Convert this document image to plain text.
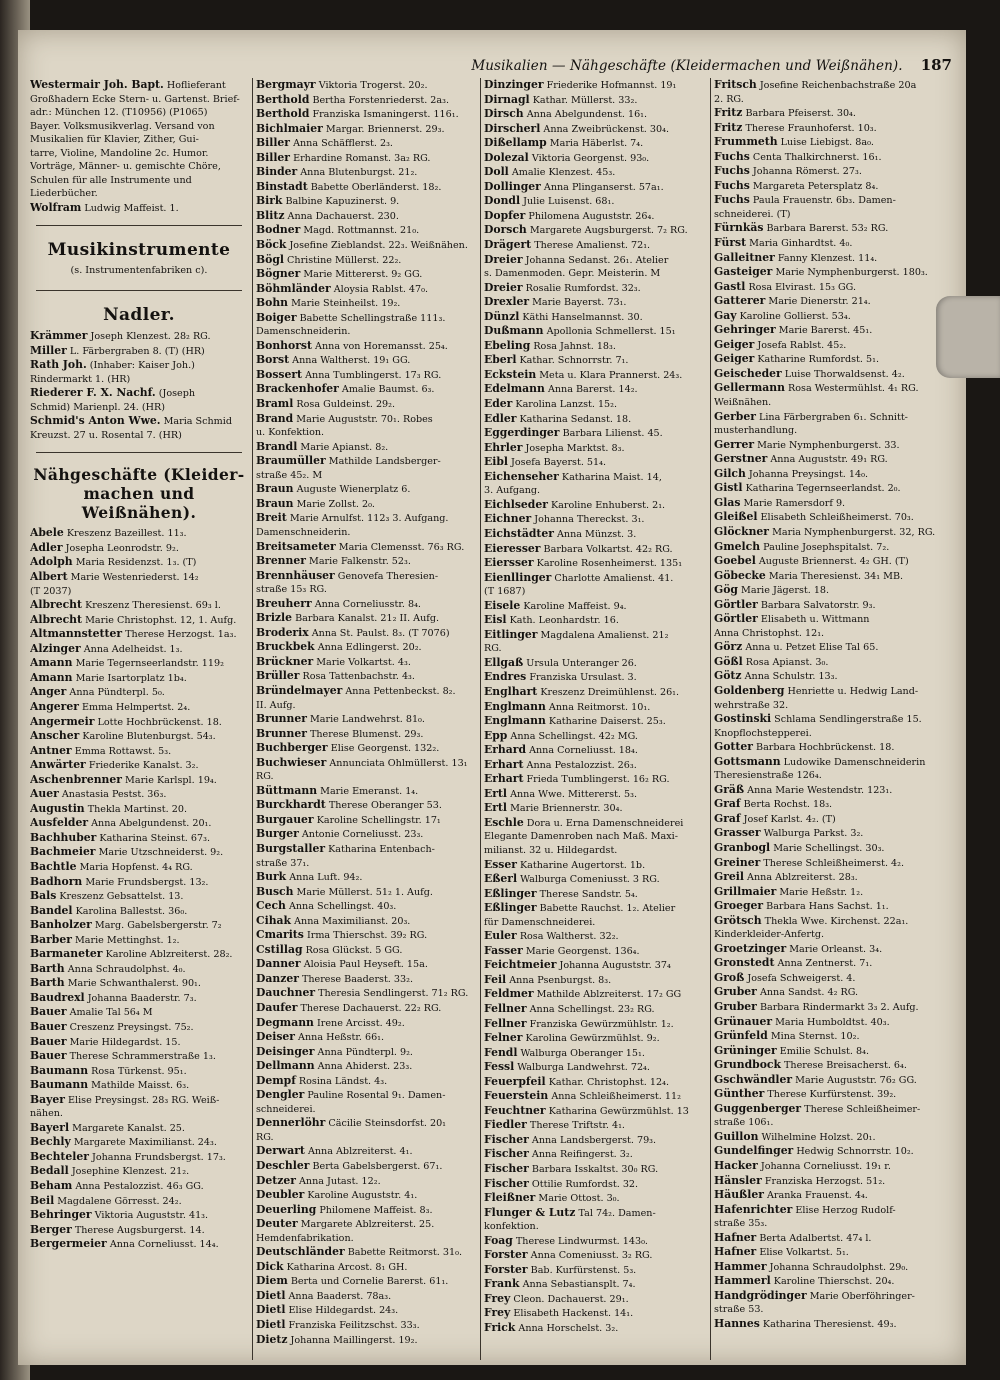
Musikalien — Nähgeschäfte (Kleidermachen und Weißnähen). 187
Westermair Joh. Bapt. Hoflieferant
Großhadern Ecke Stern- u. Gartenst. Brief-
adr.: München 12. (T10956) (P1065)
Bayer. Volksmusikverlag. Versand von
Musikalien für Klavier, Zither, Gui-
tarre, Violine, Mandoline 2c. Humor.
Vorträge, Männer- u. gemischte Chöre,
Schulen für alle Instrumente und
Liederbücher.
Wolfram Ludwig Maffeist. 1.
Musikinstrumente
(s. Instrumentenfabriken c).
Nadler.
Krämmer Joseph Klenzest. 28₂ RG.
Miller L. Färbergraben 8. (T) (HR)
Rath Joh. (Inhaber: Kaiser Joh.)
Rindermarkt 1. (HR)
Riederer F. X. Nachf. (Joseph
Schmid) Marienpl. 24. (HR)
Schmid's Anton Wwe. Maria Schmid
Kreuzst. 27 u. Rosental 7. (HR)
Nähgeschäfte (Kleider-
machen und Weißnähen).
Abele Kreszenz Bazeillest. 11₃.
Adler Josepha Leonrodstr. 9₂.
Adolph Maria Residenzst. 1₃. (T)
Albert Marie Westenriederst. 14₂
(T 2037)
Albrecht Kreszenz Theresienst. 69₃ l.
Albrecht Marie Christophst. 12, 1. Aufg.
Altmannstetter Therese Herzogst. 1a₃.
Alzinger Anna Adelheidst. 1₃.
Amann Marie Tegernseerlandstr. 119₂
Amann Marie Isartorplatz 1b₄.
Anger Anna Pündterpl. 5₀.
Angerer Emma Helmpertst. 2₄.
Angermeir Lotte Hochbrückenst. 18.
Anscher Karoline Blutenburgst. 54₃.
Antner Emma Rottawst. 5₃.
Anwärter Friederike Kanalst. 3₂.
Aschenbrenner Marie Karlspl. 19₄.
Auer Anastasia Pestst. 36₃.
Augustin Thekla Martinst. 20.
Ausfelder Anna Abelgundenst. 20₁.
Bachhuber Katharina Steinst. 67₃.
Bachmeier Marie Utzschneiderst. 9₂.
Bachtle Maria Hopfenst. 4₄ RG.
Badhorn Marie Frundsbergst. 13₂.
Bals Kreszenz Gebsattelst. 13.
Bandel Karolina Ballestst. 36₀.
Banholzer Marg. Gabelsbergerstr. 7₂
Barber Marie Mettinghst. 1₂.
Barmaneter Karoline Ablzreiterst. 28₂.
Barth Anna Schraudolphst. 4₀.
Barth Marie Schwanthalerst. 90₁.
Baudrexl Johanna Baaderstr. 7₃.
Bauer Amalie Tal 56₄ M
Bauer Creszenz Preysingst. 75₂.
Bauer Marie Hildegardst. 15.
Bauer Therese Schrammerstraße 1₃.
Baumann Rosa Türkenst. 95₁.
Baumann Mathilde Maisst. 6₃.
Bayer Elise Preysingst. 28₃ RG. Weiß-
nähen.
Bayerl Margarete Kanalst. 25.
Bechly Margarete Maximilianst. 24₃.
Bechteler Johanna Frundsbergst. 17₃.
Bedall Josephine Klenzest. 21₂.
Beham Anna Pestalozzist. 46₃ GG.
Beil Magdalene Görresst. 24₂.
Behringer Viktoria Auguststr. 41₃.
Berger Therese Augsburgerst. 14.
Bergermeier Anna Corneliusst. 14₄.
Bergmayr Viktoria Trogerst. 20₂.
Berthold Bertha Forstenriederst. 2a₃.
Berthold Franziska Ismaningerst. 116₁.
Bichlmaier Margar. Briennerst. 29₃.
Biller Anna Schäfflerst. 2₃.
Biller Erhardine Romanst. 3a₂ RG.
Binder Anna Blutenburgst. 21₂.
Binstadt Babette Oberländerst. 18₂.
Birk Balbine Kapuzinerst. 9.
Blitz Anna Dachauerst. 230.
Bodner Magd. Rottmannst. 21₀.
Böck Josefine Zieblandst. 22₃. Weißnähen.
Bögl Christine Müllerst. 22₂.
Bögner Marie Mittererst. 9₂ GG.
Böhmländer Aloysia Rablst. 47₀.
Bohn Marie Steinheilst. 19₂.
Boiger Babette Schellingstraße 111₃.
Damenschneiderin.
Bonhorst Anna von Horemansst. 25₄.
Borst Anna Waltherst. 19₁ GG.
Bossert Anna Tumblingerst. 17₃ RG.
Brackenhofer Amalie Baumst. 6₃.
Braml Rosa Guldeinst. 29₂.
Brand Marie Auguststr. 70₁. Robes
u. Konfektion.
Brandl Marie Apianst. 8₂.
Braumüller Mathilde Landsberger-
straße 45₂. M
Braun Auguste Wienerplatz 6.
Braun Marie Zollst. 2₀.
Breit Marie Arnulfst. 112₃ 3. Aufgang.
Damenschneiderin.
Breitsameter Maria Clemensst. 76₃ RG.
Brenner Marie Falkenstr. 52₃.
Brennhäuser Genovefa Theresien-
straße 15₃ RG.
Breuherr Anna Corneliusstr. 8₄.
Brizle Barbara Kanalst. 21₂ II. Aufg.
Broderix Anna St. Paulst. 8₃. (T 7076)
Bruckbek Anna Edlingerst. 20₂.
Brückner Marie Volkartst. 4₃.
Brüller Rosa Tattenbachstr. 4₃.
Bründelmayer Anna Pettenbeckst. 8₂.
II. Aufg.
Brunner Marie Landwehrst. 81₀.
Brunner Therese Blumenst. 29₃.
Buchberger Elise Georgenst. 132₂.
Buchwieser Annunciata Ohlmüllerst. 13₁
RG.
Büttmann Marie Emeranst. 1₄.
Burckhardt Therese Oberanger 53.
Burgauer Karoline Schellingstr. 17₁
Burger Antonie Corneliusst. 23₃.
Burgstaller Katharina Entenbach-
straße 37₁.
Burk Anna Luft. 94₂.
Busch Marie Müllerst. 51₂ 1. Aufg.
Cech Anna Schellingst. 40₃.
Cihak Anna Maximilianst. 20₃.
Cmarits Irma Thierschst. 39₂ RG.
Cstillag Rosa Glückst. 5 GG.
Danner Aloisia Paul Heyseft. 15a.
Danzer Therese Baaderst. 33₂.
Dauchner Theresia Sendlingerst. 71₂ RG.
Daufer Therese Dachauerst. 22₂ RG.
Degmann Irene Arcisst. 49₂.
Deiser Anna Heßstr. 66₁.
Deisinger Anna Pündterpl. 9₂.
Dellmann Anna Ahiderst. 23₃.
Dempf Rosina Ländst. 4₃.
Dengler Pauline Rosental 9₁. Damen-
schneiderei.
Dennerlöhr Cäcilie Steinsdorfst. 20₁
RG.
Derwart Anna Ablzreiterst. 4₁.
Deschler Berta Gabelsbergerst. 67₁.
Detzer Anna Jutast. 12₂.
Deubler Karoline Auguststr. 4₁.
Deuerling Philomene Maffeist. 8₃.
Deuter Margarete Ablzreiterst. 25.
Hemdenfabrikation.
Deutschländer Babette Reitmorst. 31₀.
Dick Katharina Arcost. 8₁ GH.
Diem Berta und Cornelie Barerst. 61₁.
Dietl Anna Baaderst. 78a₃.
Dietl Elise Hildegardst. 24₃.
Dietl Franziska Feilitzschst. 33₃.
Dietz Johanna Maillingerst. 19₂.
Dinzinger Friederike Hofmannst. 19₁
Dirnagl Kathar. Müllerst. 33₂.
Dirsch Anna Abelgundenst. 16₁.
Dirscherl Anna Zweibrückenst. 30₄.
Dißellamp Maria Häberlst. 7₄.
Dolezal Viktoria Georgenst. 93₀.
Doll Amalie Klenzest. 45₃.
Dollinger Anna Plinganserst. 57a₁.
Dondl Julie Luisenst. 68₁.
Dopfer Philomena Auguststr. 26₄.
Dorsch Margarete Augsburgerst. 7₂ RG.
Drägert Therese Amalienst. 72₁.
Dreier Johanna Sedanst. 26₁. Atelier
s. Damenmoden. Gepr. Meisterin. M
Dreier Rosalie Rumfordst. 32₃.
Drexler Marie Bayerst. 73₁.
Dünzl Käthi Hanselmannst. 30.
Dußmann Apollonia Schmellerst. 15₁
Ebeling Rosa Jahnst. 18₃.
Eberl Kathar. Schnorrstr. 7₁.
Eckstein Meta u. Klara Prannerst. 24₃.
Edelmann Anna Barerst. 14₂.
Eder Karolina Lanzst. 15₂.
Edler Katharina Sedanst. 18.
Eggerdinger Barbara Lilienst. 45.
Ehrler Josepha Marktst. 8₃.
Eibl Josefa Bayerst. 51₄.
Eichenseher Katharina Maist. 14,
3. Aufgang.
Eichlseder Karoline Enhuberst. 2₁.
Eichner Johanna Thereckst. 3₁.
Eichstädter Anna Münzst. 3.
Eieresser Barbara Volkartst. 42₂ RG.
Eiersser Karoline Rosenheimerst. 135₁
Eienllinger Charlotte Amalienst. 41.
(T 1687)
Eisele Karoline Maffeist. 9₄.
Eisl Kath. Leonhardstr. 16.
Eitlinger Magdalena Amalienst. 21₂
RG.
Ellgaß Ursula Unteranger 26.
Endres Franziska Ursulast. 3.
Englhart Kreszenz Dreimühlenst. 26₁.
Englmann Anna Reitmorst. 10₁.
Englmann Katharine Daiserst. 25₃.
Epp Anna Schellingst. 42₂ MG.
Erhard Anna Corneliusst. 18₄.
Erhart Anna Pestalozzist. 26₃.
Erhart Frieda Tumblingerst. 16₂ RG.
Ertl Anna Wwe. Mittererst. 5₃.
Ertl Marie Briennerstr. 30₄.
Eschle Dora u. Erna Damenschneiderei
Elegante Damenroben nach Maß. Maxi-
milianst. 32 u. Hildegardst.
Esser Katharine Augertorst. 1b.
Eßerl Walburga Comeniusst. 3 RG.
Eßlinger Therese Sandstr. 5₄.
Eßlinger Babette Rauchst. 1₂. Atelier
für Damenschneiderei.
Euler Rosa Waltherst. 32₂.
Fasser Marie Georgenst. 136₄.
Feichtmeier Johanna Auguststr. 37₄
Feil Anna Psenburgst. 8₃.
Feldmer Mathilde Ablzreiterst. 17₂ GG
Fellner Anna Schellingst. 23₂ RG.
Fellner Franziska Gewürzmühlstr. 1₂.
Felner Karolina Gewürzmühlst. 9₂.
Fendl Walburga Oberanger 15₁.
Fessl Walburga Landwehrst. 72₄.
Feuerpfeil Kathar. Christophst. 12₄.
Feuerstein Anna Schleißheimerst. 11₂
Feuchtner Katharina Gewürzmühlst. 13
Fiedler Therese Triftstr. 4₁.
Fischer Anna Landsbergerst. 79₃.
Fischer Anna Reifingerst. 3₂.
Fischer Barbara Isskaltst. 30₀ RG.
Fischer Ottilie Rumfordst. 32.
Fleißner Marie Ottost. 3₀.
Flunger & Lutz Tal 74₂. Damen-
konfektion.
Foag Therese Lindwurmst. 143₀.
Forster Anna Comeniusst. 3₂ RG.
Forster Bab. Kurfürstenst. 5₃.
Frank Anna Sebastiansplt. 7₄.
Frey Cleon. Dachauerst. 29₁.
Frey Elisabeth Hackenst. 14₁.
Frick Anna Horschelst. 3₂.
Fritsch Josefine Reichenbachstraße 20a
2. RG.
Fritz Barbara Pfeiserst. 30₄.
Fritz Therese Fraunhoferst. 10₃.
Frummeth Luise Liebigst. 8a₀.
Fuchs Centa Thalkirchnerst. 16₁.
Fuchs Johanna Römerst. 27₃.
Fuchs Margareta Petersplatz 8₄.
Fuchs Paula Frauenstr. 6b₃. Damen-
schneiderei. (T)
Fürnkäs Barbara Barerst. 53₂ RG.
Fürst Maria Ginhardtst. 4₀.
Galleitner Fanny Klenzest. 11₄.
Gasteiger Marie Nymphenburgerst. 180₃.
Gastl Rosa Elvirast. 15₃ GG.
Gatterer Marie Dienerstr. 21₄.
Gay Karoline Gollierst. 53₄.
Gehringer Marie Barerst. 45₁.
Geiger Josefa Rablst. 45₂.
Geiger Katharine Rumfordst. 5₁.
Geischeder Luise Thorwaldsenst. 4₂.
Gellermann Rosa Westermühlst. 4₁ RG.
Weißnähen.
Gerber Lina Färbergraben 6₁. Schnitt-
musterhandlung.
Gerrer Marie Nymphenburgerst. 33.
Gerstner Anna Auguststr. 49₁ RG.
Gilch Johanna Preysingst. 14₀.
Gistl Katharina Tegernseerlandst. 2₀.
Glas Marie Ramersdorf 9.
Gleißel Elisabeth Schleißheimerst. 70₃.
Glöckner Maria Nymphenburgerst. 32, RG.
Gmelch Pauline Josephspitalst. 7₂.
Goebel Auguste Briennerst. 4₂ GH. (T)
Göbecke Maria Theresienst. 34₁ MB.
Gög Marie Jägerst. 18.
Görtler Barbara Salvatorstr. 9₃.
Görtler Elisabeth u. Wittmann
Anna Christophst. 12₁.
Görz Anna u. Petzet Elise Tal 65.
Gößl Rosa Apianst. 3₀.
Götz Anna Schulstr. 13₃.
Goldenberg Henriette u. Hedwig Land-
wehrstraße 32.
Gostinski Schlama Sendlingerstraße 15.
Knopflochstepperei.
Gotter Barbara Hochbrückenst. 18.
Gottsmann Ludowike Damenschneiderin
Theresienstraße 126₄.
Gräß Anna Marie Westendstr. 123₁.
Graf Berta Rochst. 18₃.
Graf Josef Karlst. 4₂. (T)
Grasser Walburga Parkst. 3₂.
Granbogl Marie Schellingst. 30₃.
Greiner Therese Schleißheimerst. 4₂.
Greil Anna Ablzreiterst. 28₃.
Grillmaier Marie Heßstr. 1₂.
Groeger Barbara Hans Sachst. 1₁.
Grötsch Thekla Wwe. Kirchenst. 22a₁.
Kinderkleider-Anfertg.
Groetzinger Marie Orleanst. 3₄.
Gronstedt Anna Zentnerst. 7₁.
Groß Josefa Schweigerst. 4.
Gruber Anna Sandst. 4₂ RG.
Gruber Barbara Rindermarkt 3₃ 2. Aufg.
Grünauer Maria Humboldtst. 40₃.
Grünfeld Mina Sternst. 10₂.
Grüninger Emilie Schulst. 8₄.
Grundbock Therese Breisacherst. 6₄.
Gschwändler Marie Auguststr. 76₂ GG.
Günther Therese Kurfürstenst. 39₂.
Guggenberger Therese Schleißheimer-
straße 106₁.
Guillon Wilhelmine Holzst. 20₁.
Gundelfinger Hedwig Schnorrstr. 10₂.
Hacker Johanna Corneliusst. 19₁ r.
Hänsler Franziska Herzogst. 51₂.
Häußler Aranka Frauenst. 4₄.
Hafenrichter Elise Herzog Rudolf-
straße 35₃.
Hafner Berta Adalbertst. 47₄ l.
Hafner Elise Volkartst. 5₁.
Hammer Johanna Schraudolphst. 29₀.
Hammerl Karoline Thierschst. 20₄.
Handgrödinger Marie Oberföhringer-
straße 53.
Hannes Katharina Theresienst. 49₃.
